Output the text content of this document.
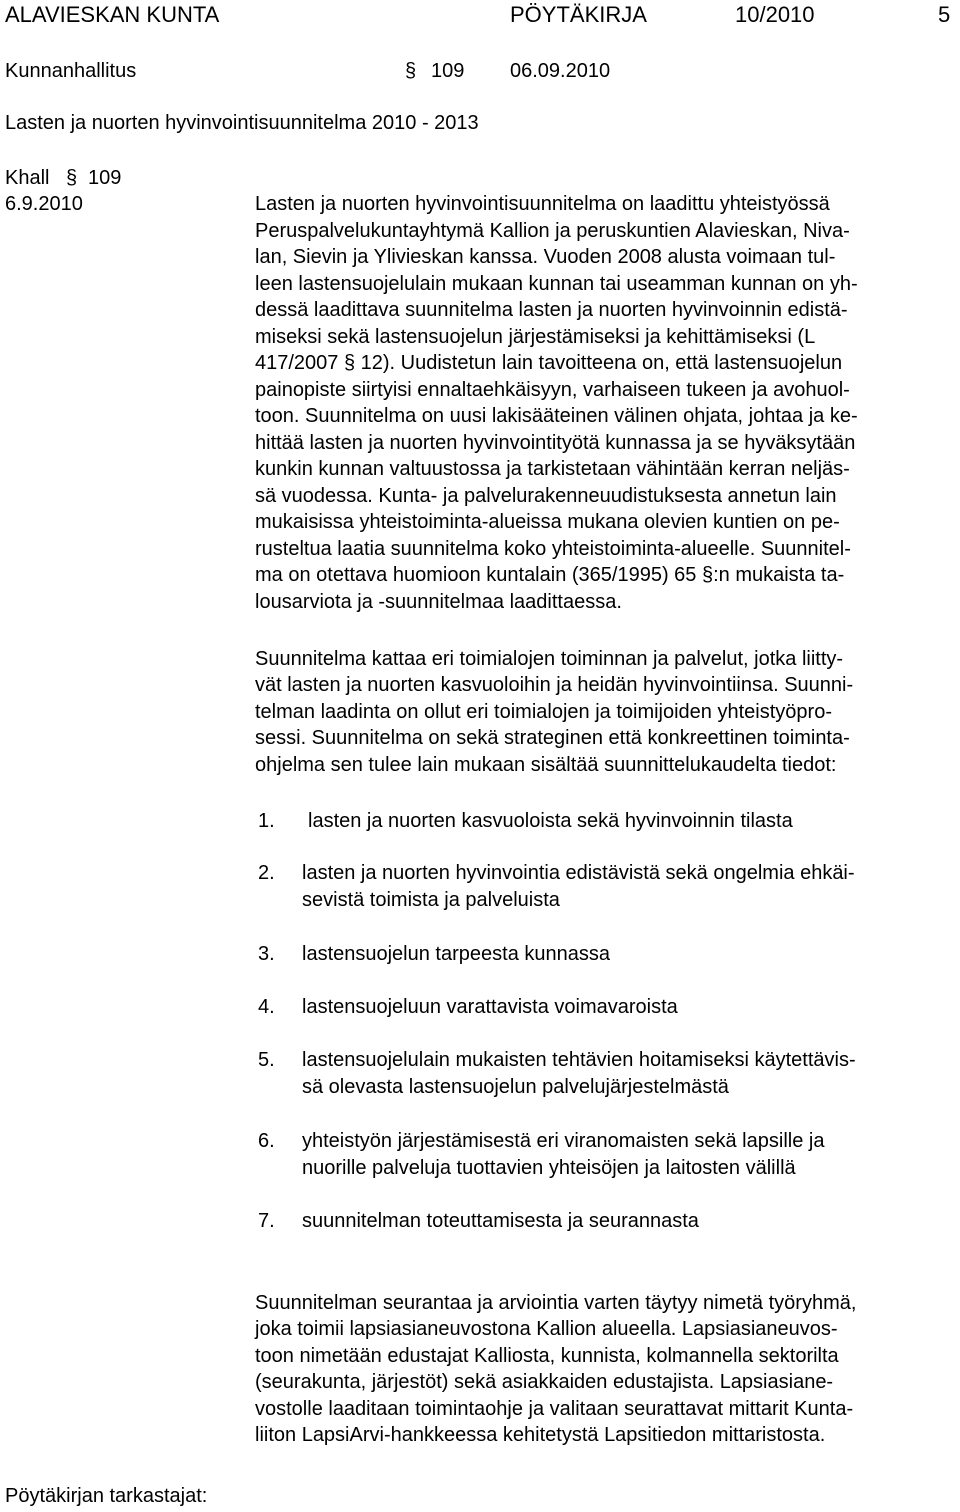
ALAVIESKAN KUNTA	PÖYTÄKIRJA	10/2010	5
Kunnanhallitus	§ 109 06.09.2010
Lasten ja nuorten hyvinvointisuunnitelma 2010 - 2013
Khall § 109
6.9.2010	Lasten ja nuorten hyvinvointisuunnitelma on laadittu yhteistyössä
Peruspalvelukuntayhtymä Kallion ja peruskuntien Alavieskan, Niva-
lan, Sievin ja Ylivieskan kanssa. Vuoden 2008 alusta voimaan tul-
leen lastensuojelulain mukaan kunnan tai useamman kunnan on yh-
dessä laadittava suunnitelma lasten ja nuorten hyvinvoinnin edistä-
miseksi sekä lastensuojelun järjestämiseksi ja kehittämiseksi (L
417/2007 § 12). Uudistetun lain tavoitteena on, että lastensuojelun
painopiste siirtyisi ennaltaehkäisyyn, varhaiseen tukeen ja avohuol-
toon. Suunnitelma on uusi lakisääteinen välinen ohjata, johtaa ja ke-
hittää lasten ja nuorten hyvinvointityötä kunnassa ja se hyväksytään
kunkin kunnan valtuustossa ja tarkistetaan vähintään kerran neljäs-
sä vuodessa. Kunta- ja palvelurakenneuudistuksesta annetun lain
mukaisissa yhteistoiminta-alueissa mukana olevien kuntien on pe-
rusteltua laatia suunnitelma koko yhteistoiminta-alueelle. Suunnitel-
ma on otettava huomioon kuntalain (365/1995) 65 §:n mukaista ta-
lousarviota ja -suunnitelmaa laadittaessa.
Suunnitelma kattaa eri toimialojen toiminnan ja palvelut, jotka liitty-
vät lasten ja nuorten kasvuoloihin ja heidän hyvinvointiinsa. Suunni-
telman laadinta on ollut eri toimialojen ja toimijoiden yhteistyöpro-
sessi. Suunnitelma on sekä strateginen että konkreettinen toiminta-
ohjelma sen tulee lain mukaan sisältää suunnittelukaudelta tiedot:
1. lasten ja nuorten kasvuoloista sekä hyvinvoinnin tilasta
2. lasten ja nuorten hyvinvointia edistävistä sekä ongelmia ehkäi-
sevistä toimista ja palveluista
3. lastensuojelun tarpeesta kunnassa
4. lastensuojeluun varattavista voimavaroista
5. lastensuojelulain mukaisten tehtävien hoitamiseksi käytettävis-
sä olevasta lastensuojelun palvelujärjestelmästä
6. yhteistyön järjestämisestä eri viranomaisten sekä lapsille ja
nuorille palveluja tuottavien yhteisöjen ja laitosten välillä
7. suunnitelman toteuttamisesta ja seurannasta
Suunnitelman seurantaa ja arviointia varten täytyy nimetä työryhmä,
joka toimii lapsiasianeuvostona Kallion alueella. Lapsiasianeuvos-
toon nimetään edustajat Kalliosta, kunnista, kolmannella sektorilta
(seurakunta, järjestöt) sekä asiakkaiden edustajista. Lapsiasiane-
vostolle laaditaan toimintaohje ja valitaan seurattavat mittarit Kunta-
liiton LapsiArvi-hankkeessa kehitetystä Lapsitiedon mittaristosta.
Pöytäkirjan tarkastajat:
